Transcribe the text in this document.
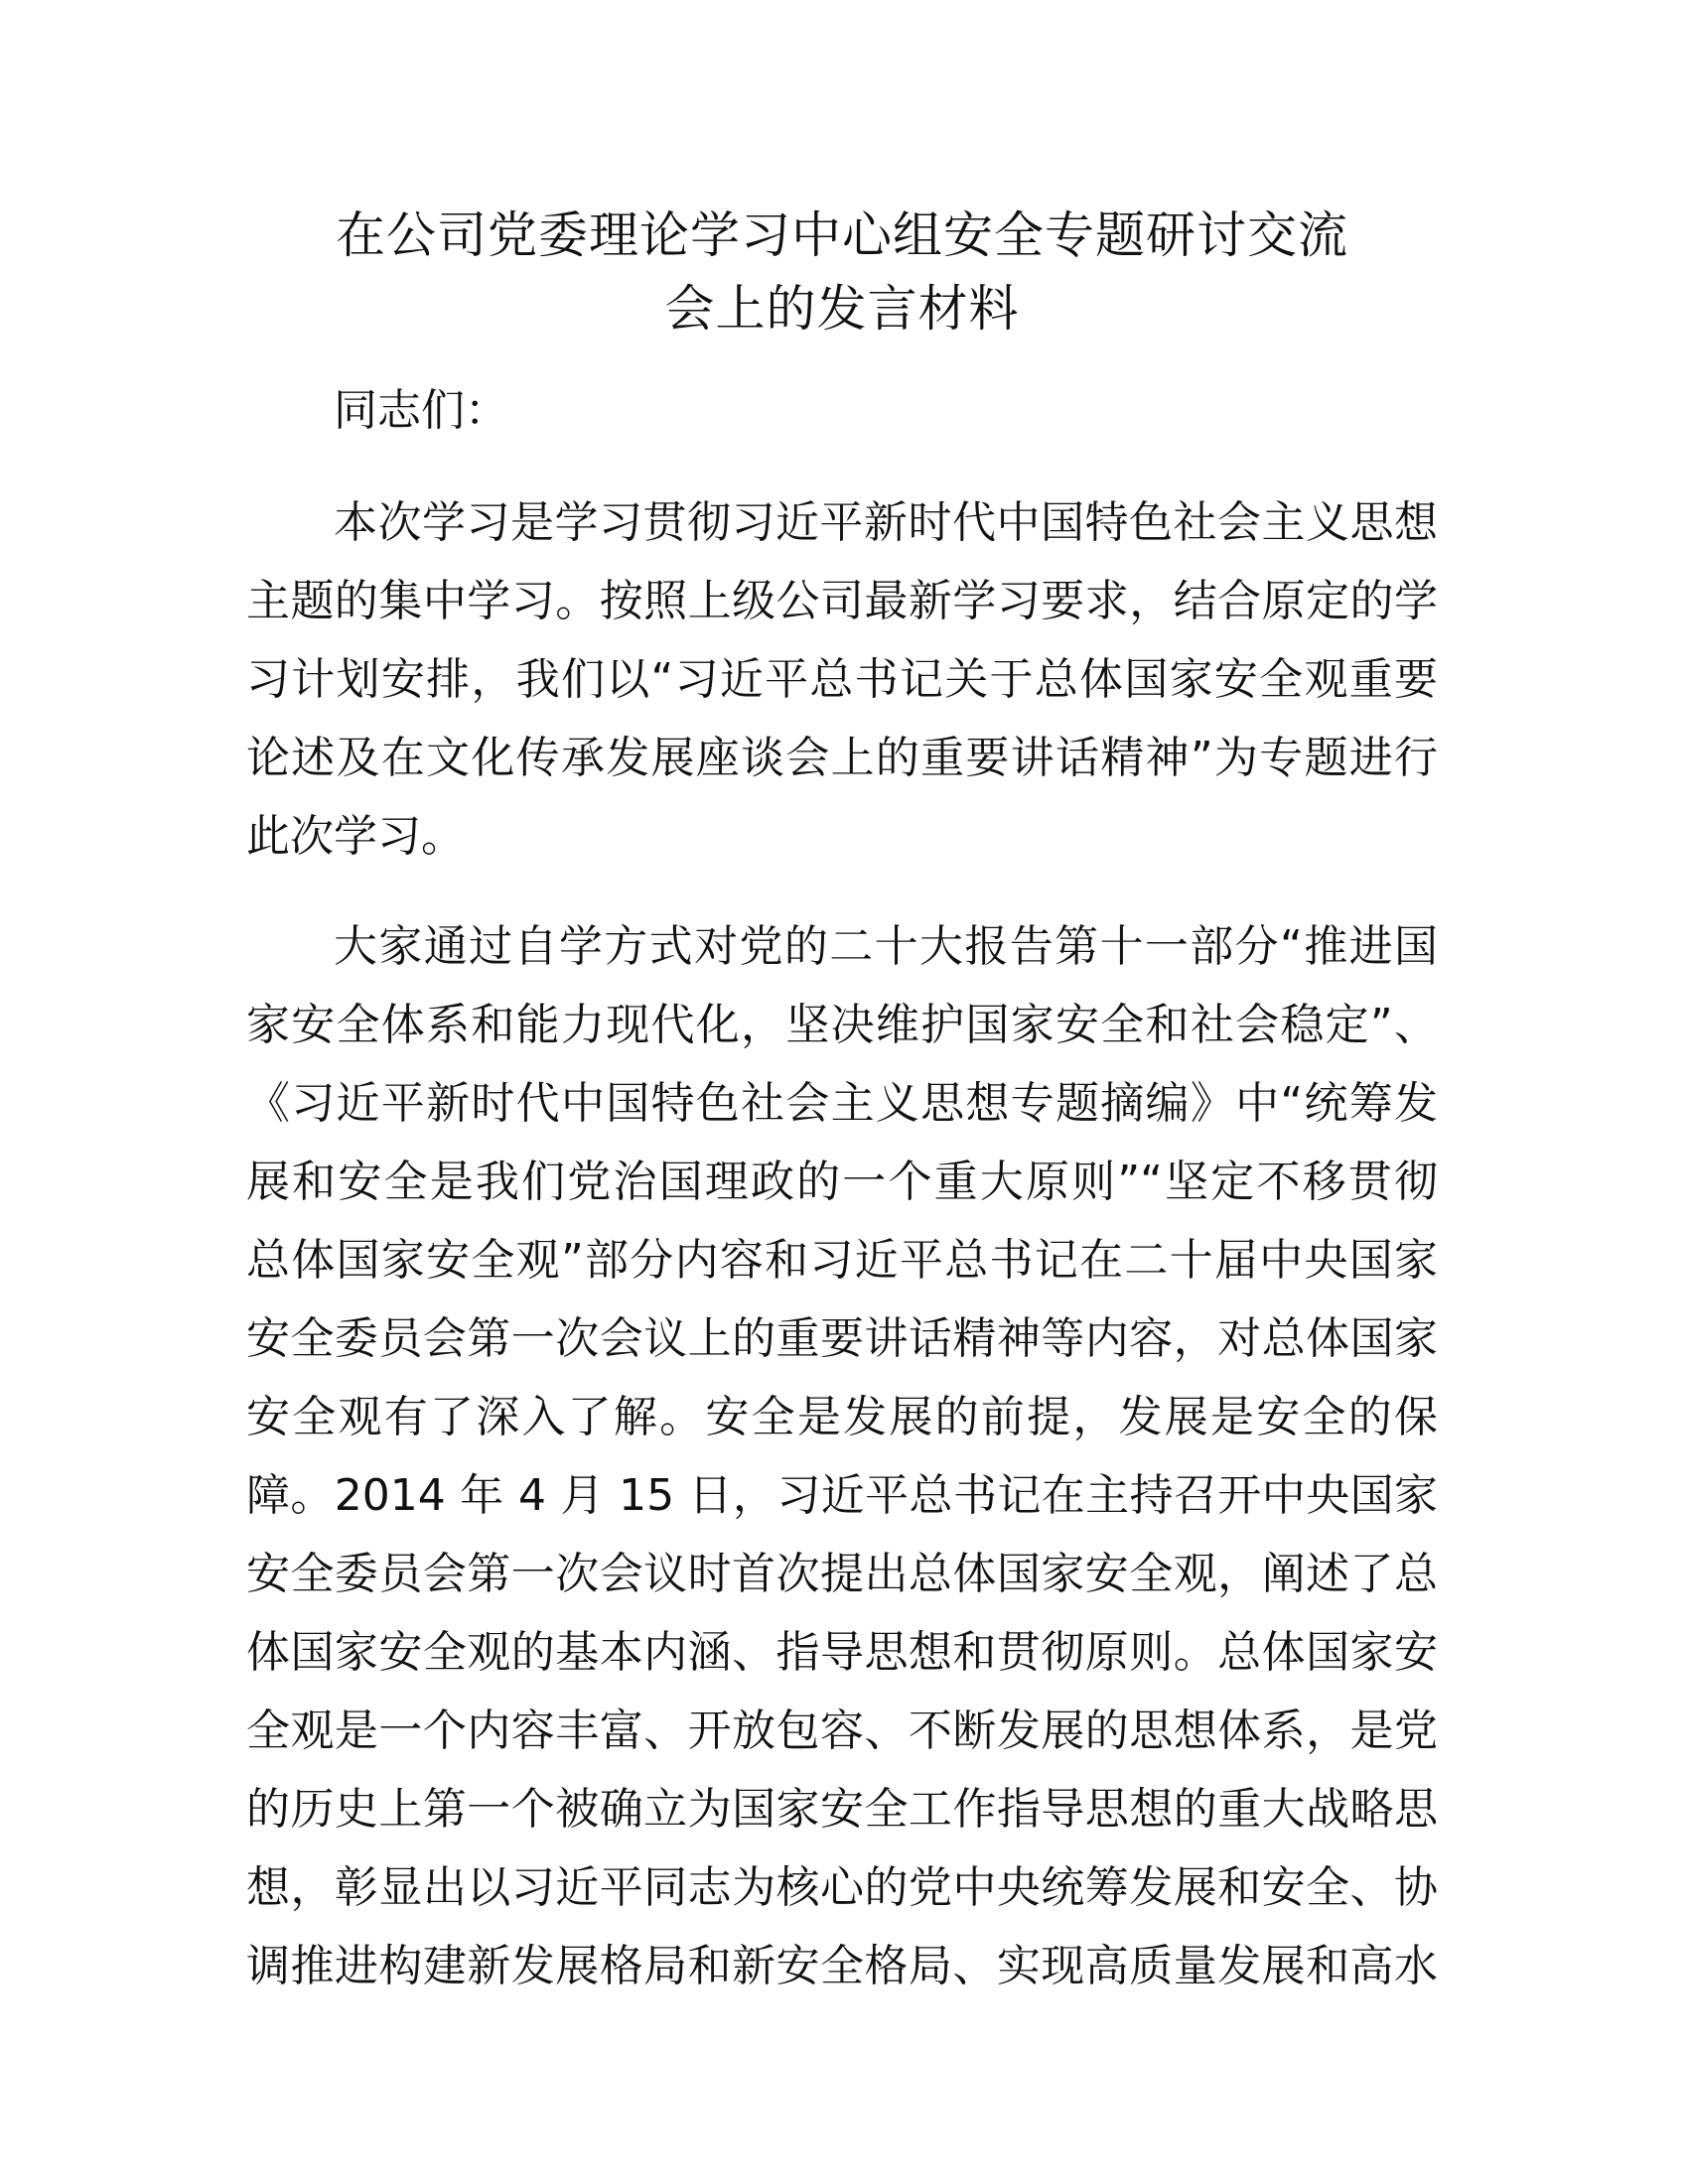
在公司党委理论学习中心组安全专题研讨交流
会上的发言材料
同志们：
本次学习是学习贯彻习近平新时代中国特色社会主义思想
主题的集中学习。按照上级公司最新学习要求，结合原定的学
习计划安排，我们以“习近平总书记关于总体国家安全观重要
论述及在文化传承发展座谈会上的重要讲话精神”为专题进行
此次学习。
大家通过自学方式对党的二十大报告第十一部分“推进国
家安全体系和能力现代化，坚决维护国家安全和社会稳定”、
《习近平新时代中国特色社会主义思想专题摘编》中“统筹发
展和安全是我们党治国理政的一个重大原则”“坚定不移贯彻
总体国家安全观”部分内容和习近平总书记在二十届中央国家
安全委员会第一次会议上的重要讲话精神等内容，对总体国家
安全观有了深入了解。安全是发展的前提，发展是安全的保
障。2014 年 4 月 15 日，习近平总书记在主持召开中央国家
安全委员会第一次会议时首次提出总体国家安全观，阐述了总
体国家安全观的基本内涵、指导思想和贯彻原则。总体国家安
全观是一个内容丰富、开放包容、不断发展的思想体系，是党
的历史上第一个被确立为国家安全工作指导思想的重大战略思
想，彰显出以习近平同志为核心的党中央统筹发展和安全、协
调推进构建新发展格局和新安全格局、实现高质量发展和高水
